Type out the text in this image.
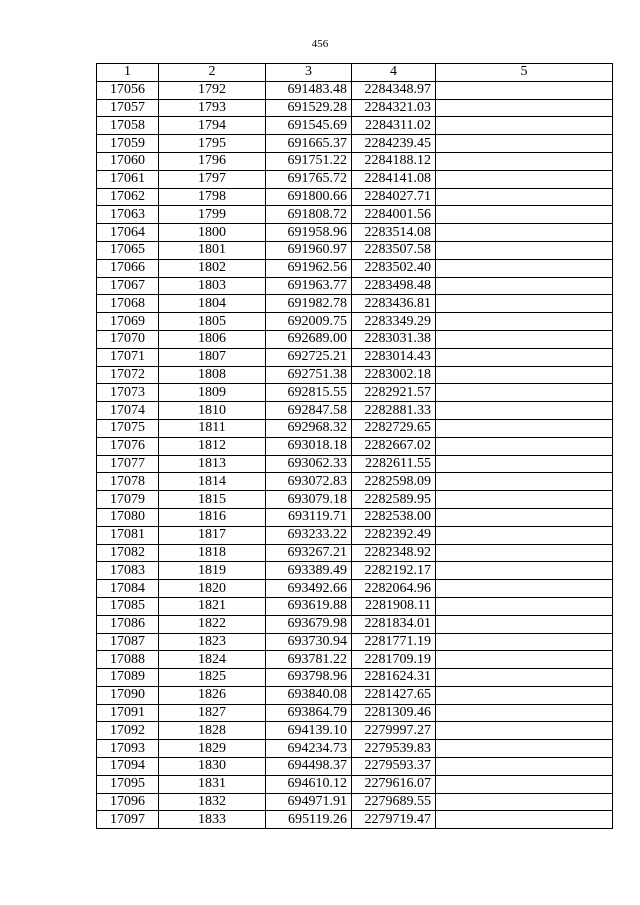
456
1	2	3	4	5
17056	1792	691483.48	2284348.97	
17057	1793	691529.28	2284321.03	
17058	1794	691545.69	2284311.02	
17059	1795	691665.37	2284239.45	
17060	1796	691751.22	2284188.12	
17061	1797	691765.72	2284141.08	
17062	1798	691800.66	2284027.71	
17063	1799	691808.72	2284001.56	
17064	1800	691958.96	2283514.08	
17065	1801	691960.97	2283507.58	
17066	1802	691962.56	2283502.40	
17067	1803	691963.77	2283498.48	
17068	1804	691982.78	2283436.81	
17069	1805	692009.75	2283349.29	
17070	1806	692689.00	2283031.38	
17071	1807	692725.21	2283014.43	
17072	1808	692751.38	2283002.18	
17073	1809	692815.55	2282921.57	
17074	1810	692847.58	2282881.33	
17075	1811	692968.32	2282729.65	
17076	1812	693018.18	2282667.02	
17077	1813	693062.33	2282611.55	
17078	1814	693072.83	2282598.09	
17079	1815	693079.18	2282589.95	
17080	1816	693119.71	2282538.00	
17081	1817	693233.22	2282392.49	
17082	1818	693267.21	2282348.92	
17083	1819	693389.49	2282192.17	
17084	1820	693492.66	2282064.96	
17085	1821	693619.88	2281908.11	
17086	1822	693679.98	2281834.01	
17087	1823	693730.94	2281771.19	
17088	1824	693781.22	2281709.19	
17089	1825	693798.96	2281624.31	
17090	1826	693840.08	2281427.65	
17091	1827	693864.79	2281309.46	
17092	1828	694139.10	2279997.27	
17093	1829	694234.73	2279539.83	
17094	1830	694498.37	2279593.37	
17095	1831	694610.12	2279616.07	
17096	1832	694971.91	2279689.55	
17097	1833	695119.26	2279719.47	
